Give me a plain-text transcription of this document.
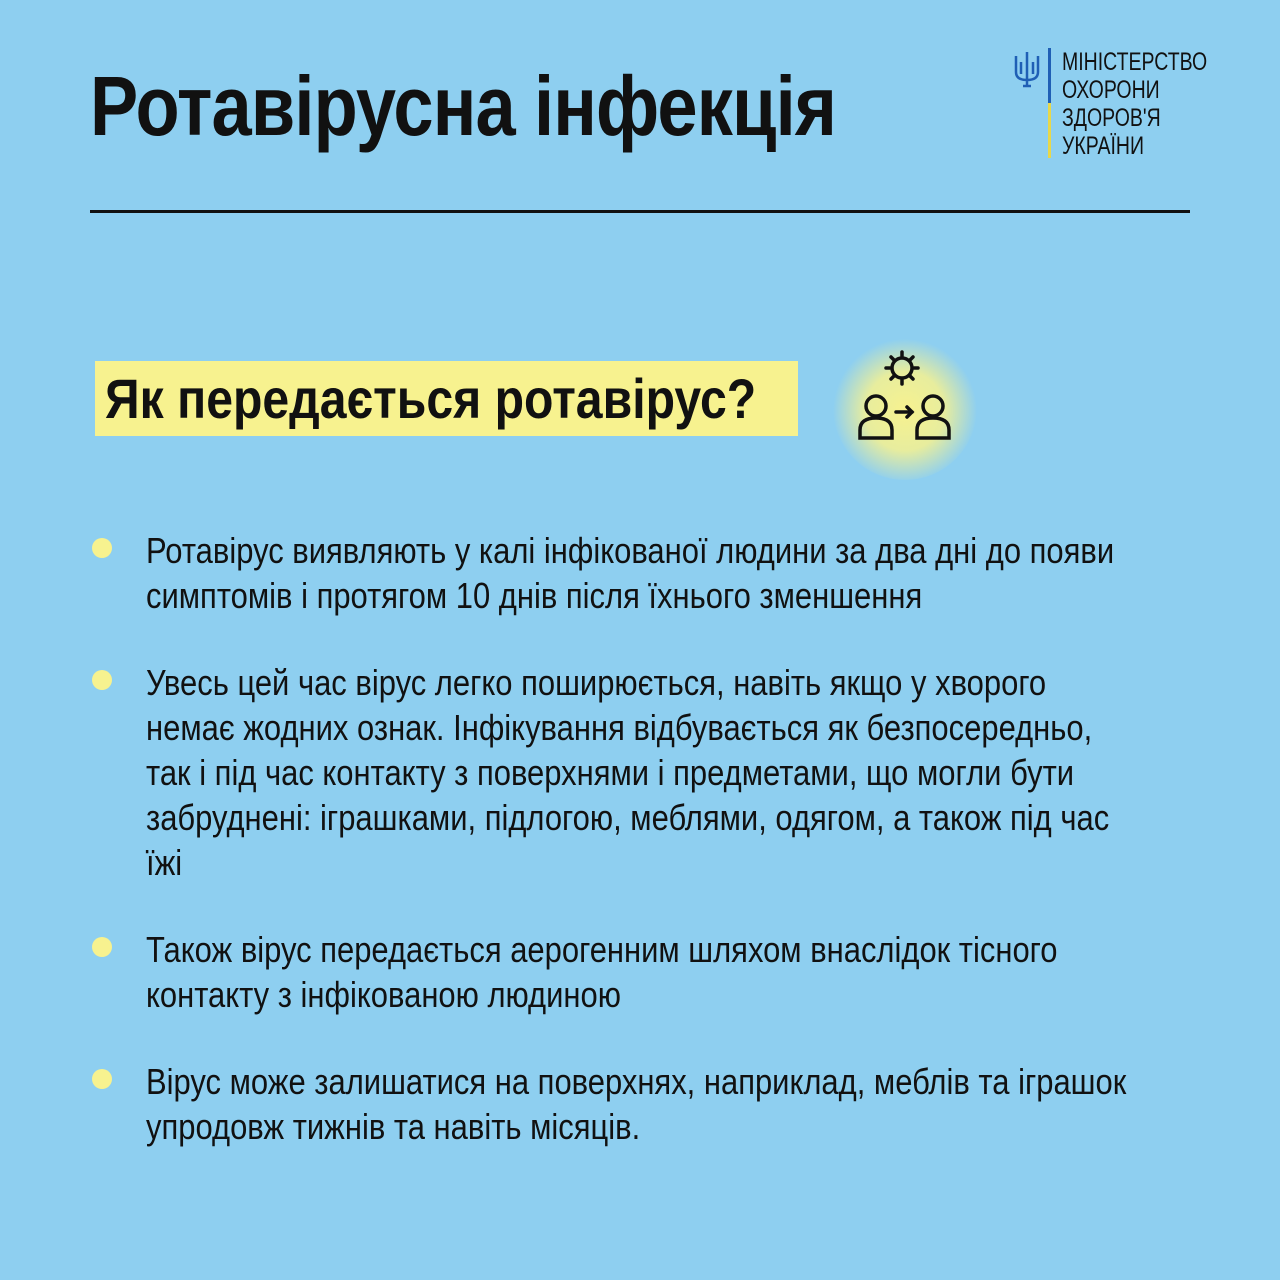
Ротавірусна інфекція	МІНІСТЕРСТВО
ОХОРОНИ
ЗДОРОВ'Я
УКРАЇНИ
Як передається ротавірус?
Ротавірус виявляють у калі інфікованої людини за два дні до появи симптомів і протягом 10 днів після їхнього зменшення
Увесь цей час вірус легко поширюється, навіть якщо у хворого немає жодних ознак. Інфікування відбувається як безпосередньо, так і під час контакту з поверхнями і предметами, що могли бути забруднені: іграшками, підлогою, меблями, одягом, а також під час їжі
Також вірус передається аерогенним шляхом внаслідок тісного контакту з інфікованою людиною
Вірус може залишатися на поверхнях, наприклад, меблів та іграшок упродовж тижнів та навіть місяців.
